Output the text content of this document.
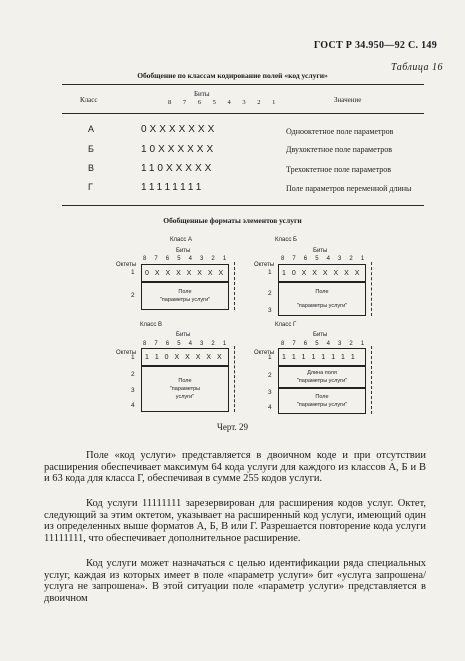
ГОСТ Р 34.950—92 С. 149
Таблица 16
Обобщение по классам кодирование полей «код услуги»
Класс
Биты
8 7 6 5 4 3 2 1	Значение
А	0XXXXXXX	Однооктетное поле параметров
Б	10XXXXXX	Двухоктетное поле параметров
В	110XXXXX	Трехоктетное поле параметров
Г	11111111	Поле параметров переменной длины
Обобщенные форматы элементов услуги
Класс А
Биты
8 7 6 5 4 3 2 1
Октеты
1
2
0 X X X X X X X
Поле
"параметры услуги"
Класс Б
Биты
8 7 6 5 4 3 2 1
Октеты
1
2
3
1 0 X X X X X X
Поле
"параметры услуги"
Класс В
Биты
8 7 6 5 4 3 2 1
Октеты
1
2
3
4
1 1 0 X X X X X
Поле
"параметры
услуги"
Класс Г
Биты
8 7 6 5 4 3 2 1
Октеты
1
2
3
4
1 1 1 1 1 1 1 1
Длина поля
"параметры услуги"
Поле
"параметры услуги"
Черт. 29
Поле «код услуги» представляется в двоичном коде и при отсутствии расширения обеспечивает максимум 64 кода услуги для каждого из классов А, Б и В и 63 кода для класса Г, обеспечивая в сумме 255 кодов услуги.
Код услуги 11111111 зарезервирован для расширения кодов услуг. Октет, следующий за этим октетом, указывает на расширенный код услуги, имеющий один из определенных выше форматов А, Б, В или Г. Разрешается повторение кода услуги 11111111, что обеспечивает дополнительное расширение.
Код услуги может назначаться с целью идентификации ряда специальных услуг, каждая из которых имеет в поле «параметр услуги» бит «услуга запрошена/услуга не запрошена». В этой ситуации поле «параметр услуги» представляется в двоичном
